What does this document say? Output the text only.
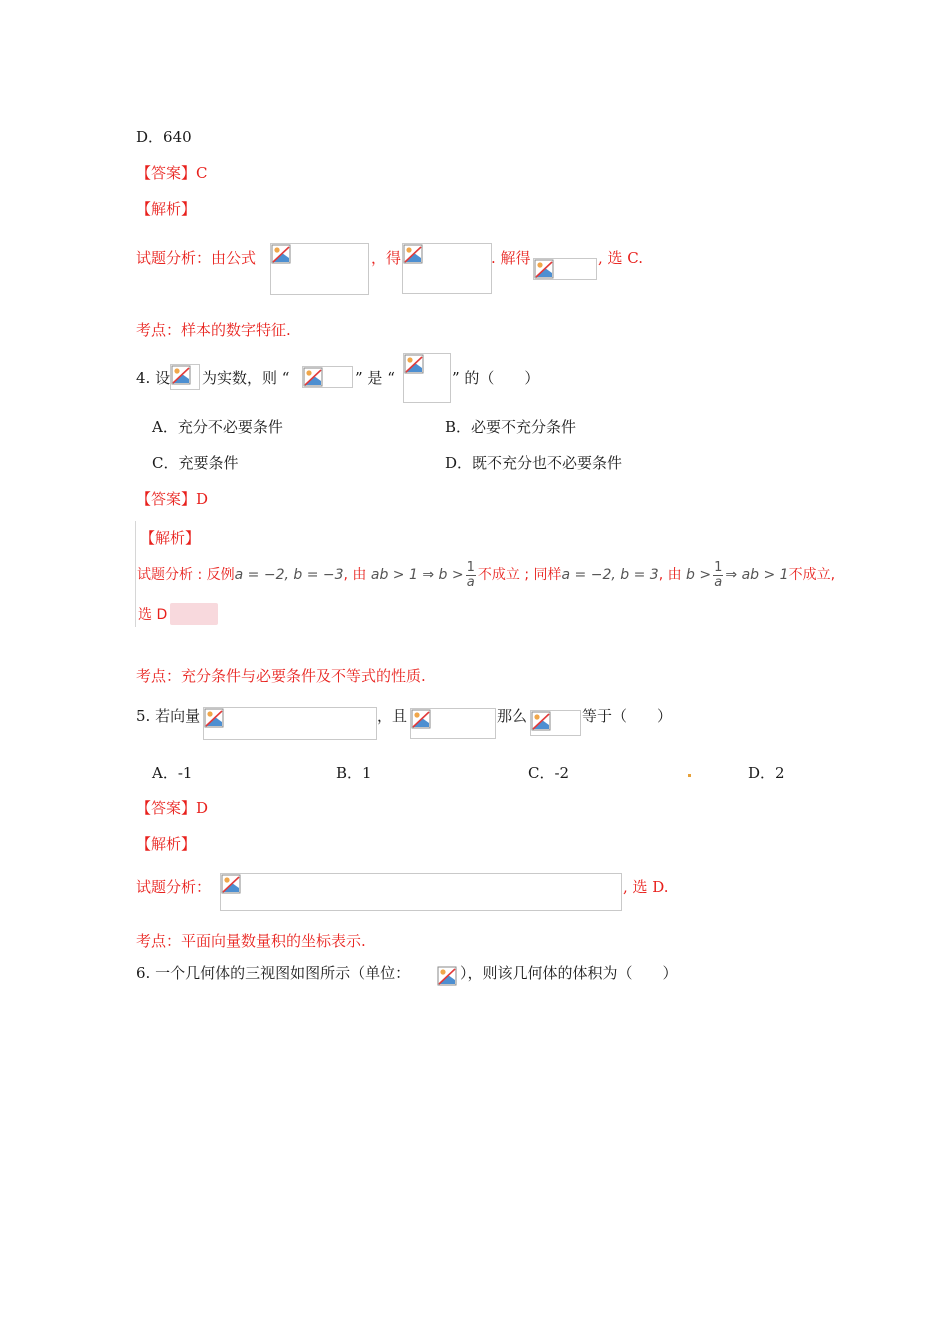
D．640
【答案】C
【解析】
试题分析：由公式	，得	. 解得	, 选 C.
考点：样本的数字特征.
4. 设 为实数，则 “	” 是 “	” 的（　　）
A．充分不必要条件	B．必要不充分条件
C．充要条件	D．既不充分也不必要条件
【答案】D
【解析】
试题分析 : 反例a = −2, b = −3, 由 ab > 1 ⇒ $b > \frac{1}{a}$ 不成立 ; 同样a = −2, b = 3, 由 $b > \frac{1}{a}$ ⇒ ab > 1不成立,
选 D
考点：充分条件与必要条件及不等式的性质.
5. 若向量	，且	那么	等于（　　）
A．-1	B．1	C．-2	D．2
【答案】D
【解析】
试题分析：	, 选 D.
考点：平面向量数量积的坐标表示.
6. 一个几何体的三视图如图所示（单位：	），则该几何体的体积为（　　）
